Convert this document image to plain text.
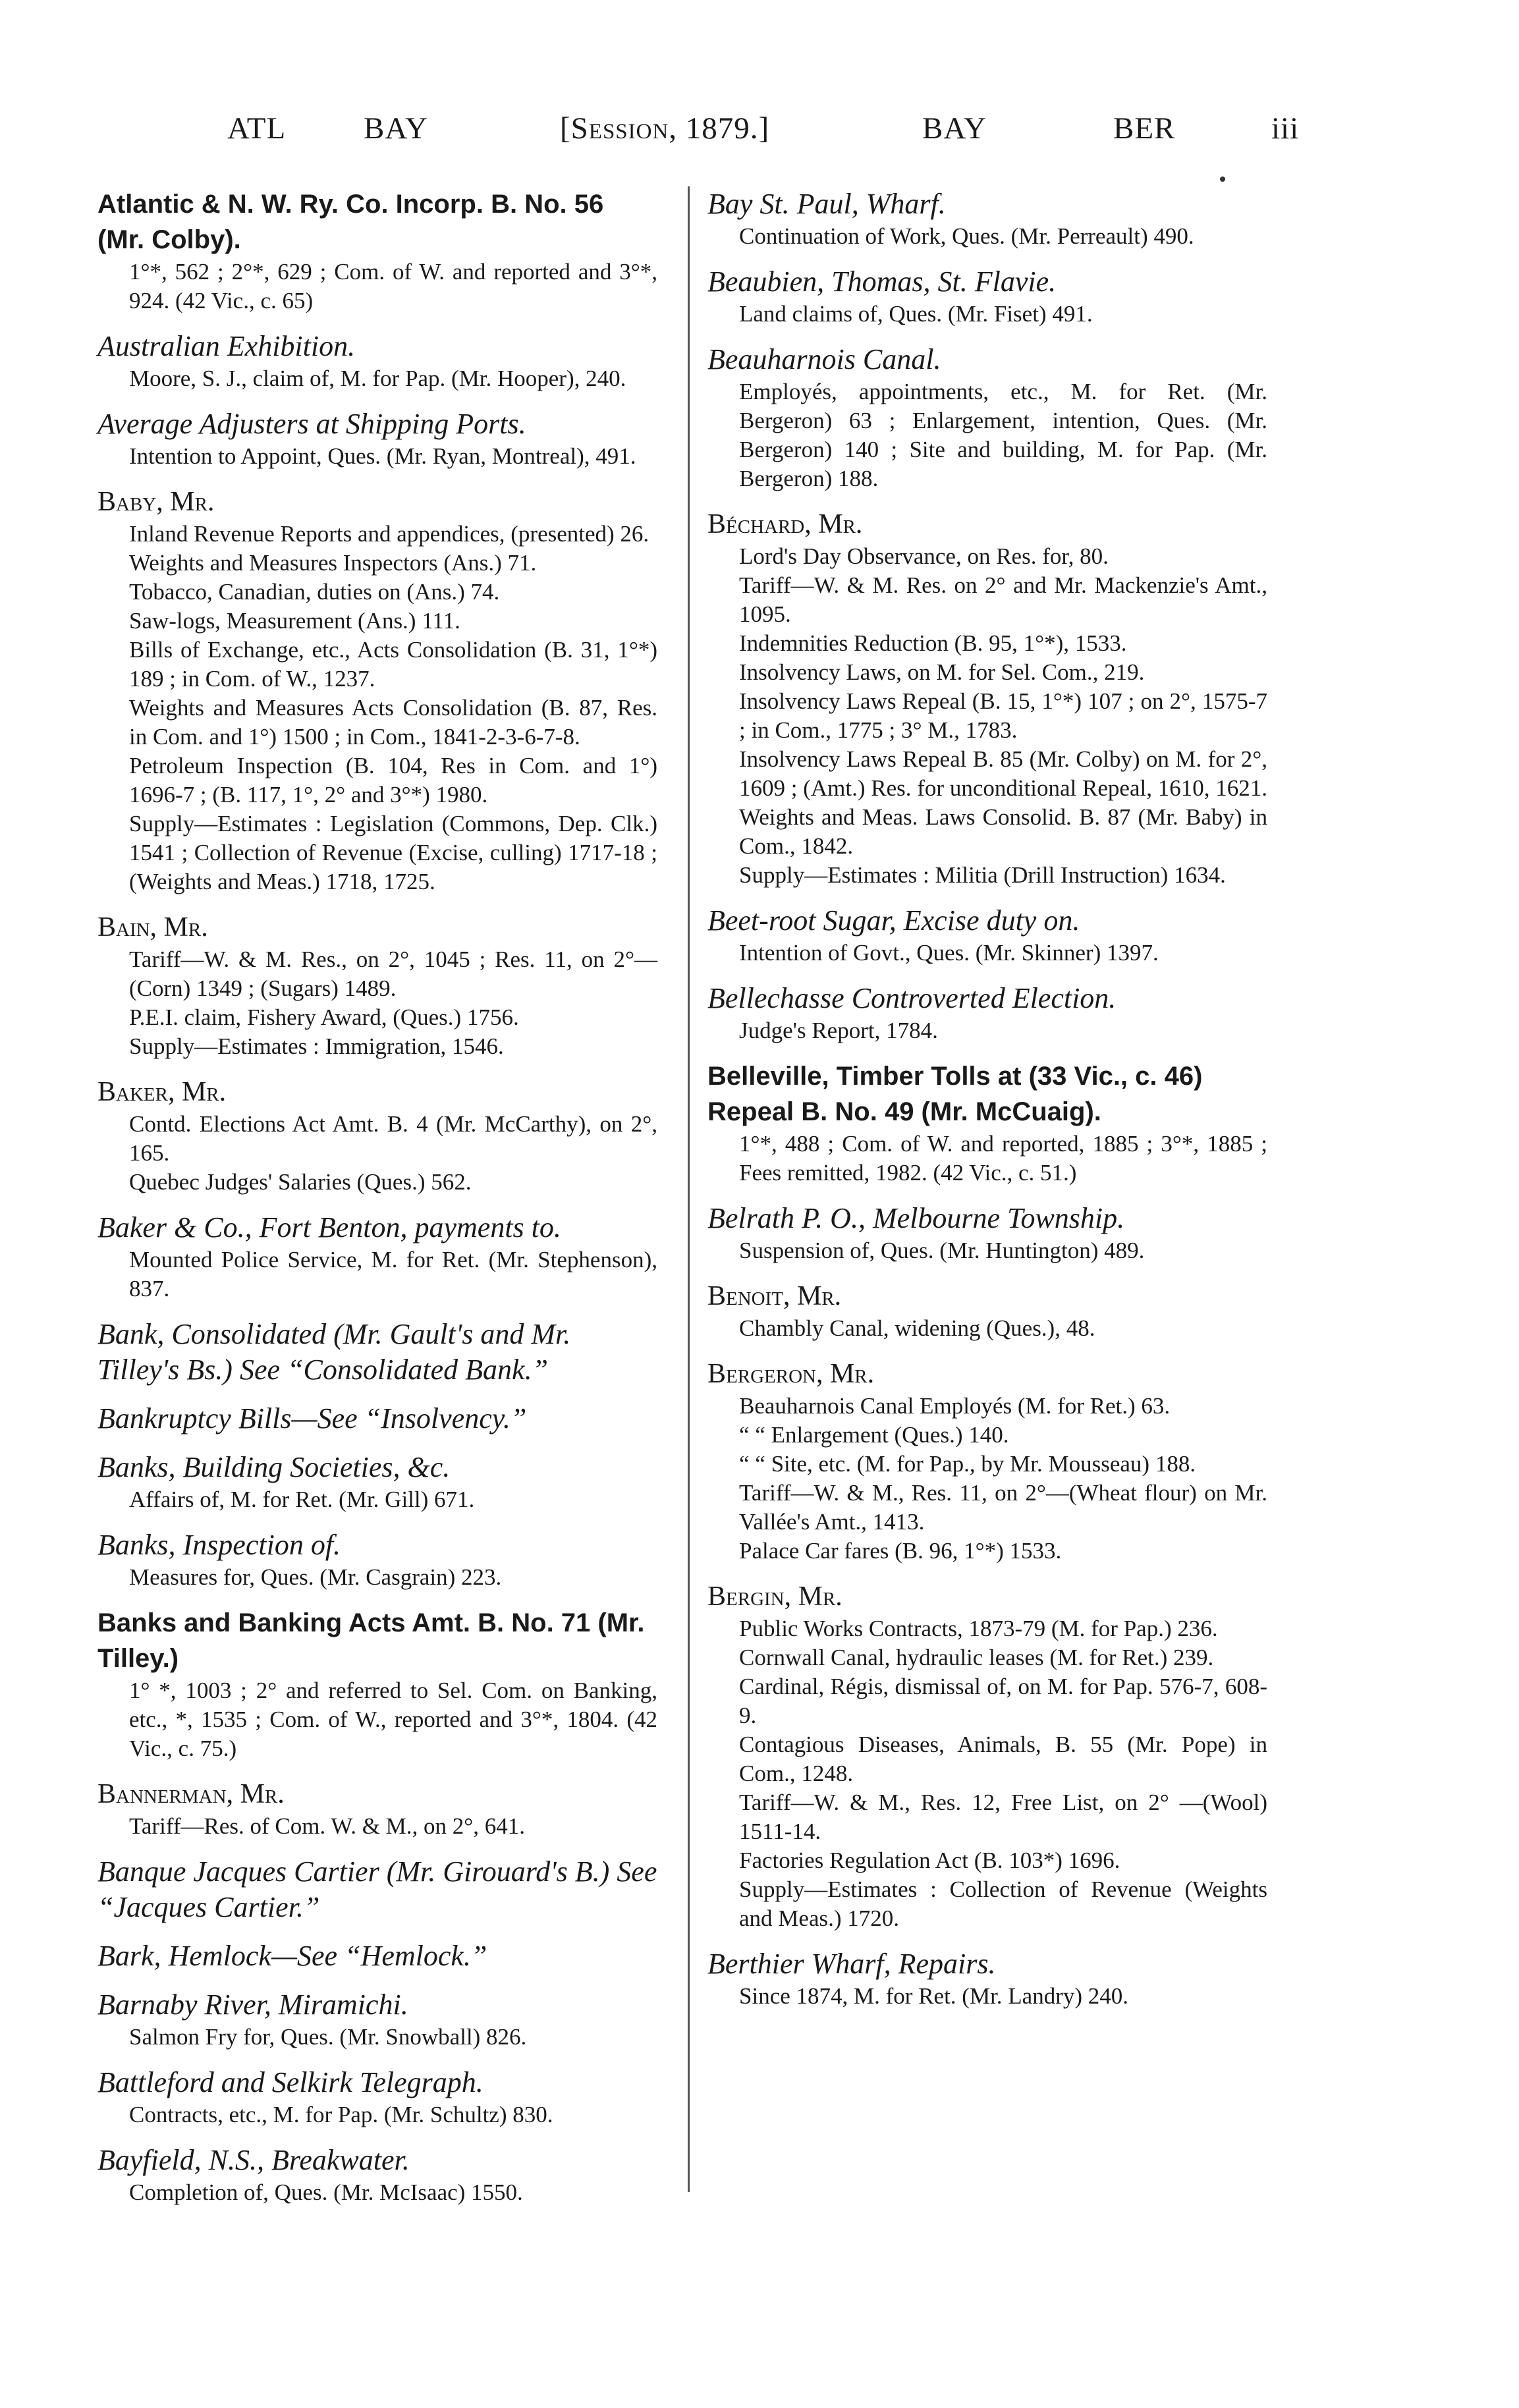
ATL	BAY	[Session, 1879.]	BAY	BER	iii
Atlantic & N. W. Ry. Co. Incorp. B. No. 56 (Mr. Colby).
1°*, 562 ; 2°*, 629 ; Com. of W. and reported and 3°*, 924. (42 Vic., c. 65)
Australian Exhibition.
Moore, S. J., claim of, M. for Pap. (Mr. Hooper), 240.
Average Adjusters at Shipping Ports.
Intention to Appoint, Ques. (Mr. Ryan, Montreal), 491.
Baby, Mr.
Inland Revenue Reports and appendices, (presented) 26.
Weights and Measures Inspectors (Ans.) 71.
Tobacco, Canadian, duties on (Ans.) 74.
Saw-logs, Measurement (Ans.) 111.
Bills of Exchange, etc., Acts Consolidation (B. 31, 1°*) 189 ; in Com. of W., 1237.
Weights and Measures Acts Consolidation (B. 87, Res. in Com. and 1°) 1500 ; in Com., 1841-2-3-6-7-8.
Petroleum Inspection (B. 104, Res in Com. and 1°) 1696-7 ; (B. 117, 1°, 2° and 3°*) 1980.
Supply—Estimates : Legislation (Commons, Dep. Clk.) 1541 ; Collection of Revenue (Excise, culling) 1717-18 ; (Weights and Meas.) 1718, 1725.
Bain, Mr.
Tariff—W. & M. Res., on 2°, 1045 ; Res. 11, on 2°—(Corn) 1349 ; (Sugars) 1489.
P.E.I. claim, Fishery Award, (Ques.) 1756.
Supply—Estimates : Immigration, 1546.
Baker, Mr.
Contd. Elections Act Amt. B. 4 (Mr. McCarthy), on 2°, 165.
Quebec Judges' Salaries (Ques.) 562.
Baker & Co., Fort Benton, payments to.
Mounted Police Service, M. for Ret. (Mr. Stephenson), 837.
Bank, Consolidated (Mr. Gault's and Mr. Tilley's Bs.) See “Consolidated Bank.”
Bankruptcy Bills—See “Insolvency.”
Banks, Building Societies, &c.
Affairs of, M. for Ret. (Mr. Gill) 671.
Banks, Inspection of.
Measures for, Ques. (Mr. Casgrain) 223.
Banks and Banking Acts Amt. B. No. 71 (Mr. Tilley.)
1° *, 1003 ; 2° and referred to Sel. Com. on Banking, etc., *, 1535 ; Com. of W., reported and 3°*, 1804. (42 Vic., c. 75.)
Bannerman, Mr.
Tariff—Res. of Com. W. & M., on 2°, 641.
Banque Jacques Cartier (Mr. Girouard's B.) See “Jacques Cartier.”
Bark, Hemlock—See “Hemlock.”
Barnaby River, Miramichi.
Salmon Fry for, Ques. (Mr. Snowball) 826.
Battleford and Selkirk Telegraph.
Contracts, etc., M. for Pap. (Mr. Schultz) 830.
Bayfield, N.S., Breakwater.
Completion of, Ques. (Mr. McIsaac) 1550.
Bay St. Paul, Wharf.
Continuation of Work, Ques. (Mr. Perreault) 490.
Beaubien, Thomas, St. Flavie.
Land claims of, Ques. (Mr. Fiset) 491.
Beauharnois Canal.
Employés, appointments, etc., M. for Ret. (Mr. Bergeron) 63 ; Enlargement, intention, Ques. (Mr. Bergeron) 140 ; Site and building, M. for Pap. (Mr. Bergeron) 188.
Béchard, Mr.
Lord's Day Observance, on Res. for, 80.
Tariff—W. & M. Res. on 2° and Mr. Mackenzie's Amt., 1095.
Indemnities Reduction (B. 95, 1°*), 1533.
Insolvency Laws, on M. for Sel. Com., 219.
Insolvency Laws Repeal (B. 15, 1°*) 107 ; on 2°, 1575-7 ; in Com., 1775 ; 3° M., 1783.
Insolvency Laws Repeal B. 85 (Mr. Colby) on M. for 2°, 1609 ; (Amt.) Res. for unconditional Repeal, 1610, 1621.
Weights and Meas. Laws Consolid. B. 87 (Mr. Baby) in Com., 1842.
Supply—Estimates : Militia (Drill Instruction) 1634.
Beet-root Sugar, Excise duty on.
Intention of Govt., Ques. (Mr. Skinner) 1397.
Bellechasse Controverted Election.
Judge's Report, 1784.
Belleville, Timber Tolls at (33 Vic., c. 46) Repeal B. No. 49 (Mr. McCuaig).
1°*, 488 ; Com. of W. and reported, 1885 ; 3°*, 1885 ; Fees remitted, 1982. (42 Vic., c. 51.)
Belrath P. O., Melbourne Township.
Suspension of, Ques. (Mr. Huntington) 489.
Benoit, Mr.
Chambly Canal, widening (Ques.), 48.
Bergeron, Mr.
Beauharnois Canal Employés (M. for Ret.) 63.
“ “ Enlargement (Ques.) 140.
“ “ Site, etc. (M. for Pap., by Mr. Mousseau) 188.
Tariff—W. & M., Res. 11, on 2°—(Wheat flour) on Mr. Vallée's Amt., 1413.
Palace Car fares (B. 96, 1°*) 1533.
Bergin, Mr.
Public Works Contracts, 1873-79 (M. for Pap.) 236.
Cornwall Canal, hydraulic leases (M. for Ret.) 239.
Cardinal, Régis, dismissal of, on M. for Pap. 576-7, 608-9.
Contagious Diseases, Animals, B. 55 (Mr. Pope) in Com., 1248.
Tariff—W. & M., Res. 12, Free List, on 2° —(Wool) 1511-14.
Factories Regulation Act (B. 103*) 1696.
Supply—Estimates : Collection of Revenue (Weights and Meas.) 1720.
Berthier Wharf, Repairs.
Since 1874, M. for Ret. (Mr. Landry) 240.
